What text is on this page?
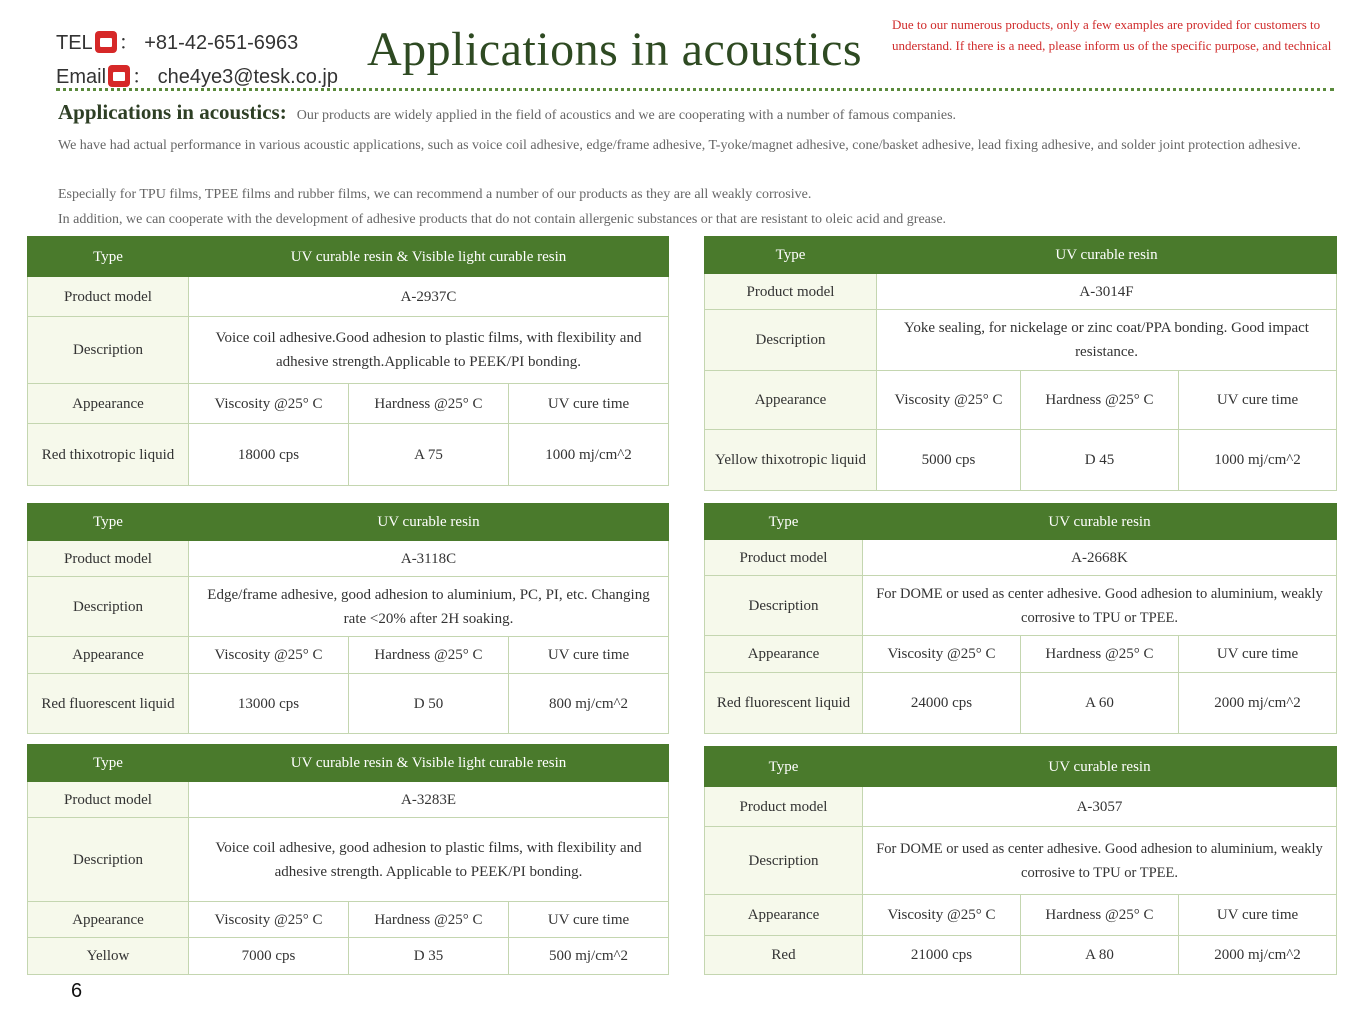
TEL ： +81-42-651-6963
Email ： che4ye3@tesk.co.jp
Applications in acoustics Due to our numerous products, only a few examples are provided for customers to understand. If there is a need, please inform us of the specific purpose, and technical
Applications in acoustics: Our products are widely applied in the field of acoustics and we are cooperating with a number of famous companies.
We have had actual performance in various acoustic applications, such as voice coil adhesive, edge/frame adhesive, T-yoke/magnet adhesive, cone/basket adhesive, lead fixing adhesive, and solder joint protection adhesive.
Especially for TPU films, TPEE films and rubber films, we can recommend a number of our products as they are all weakly corrosive.
In addition, we can cooperate with the development of adhesive products that do not contain allergenic substances or that are resistant to oleic acid and grease.
Type	UV curable resin & Visible light curable resin		
Product model	A-2937C		
Description	Voice coil adhesive.Good adhesion to plastic films, with flexibility and adhesive strength.Applicable to PEEK/PI bonding.		
Appearance	Viscosity @25° C	Hardness @25° C	UV cure time
Red thixotropic liquid	18000 cps	A 75	1000 mj/cm^2
Type	UV curable resin		
Product model	A-3014F		
Description	Yoke sealing, for nickelage or zinc coat/PPA bonding. Good impact resistance.		
Appearance	Viscosity @25° C	Hardness @25° C	UV cure time
Yellow thixotropic liquid	5000 cps	D 45	1000 mj/cm^2
Type	UV curable resin		
Product model	A-3118C		
Description	Edge/frame adhesive, good adhesion to aluminium, PC, PI, etc. Changing rate <20% after 2H soaking.		
Appearance	Viscosity @25° C	Hardness @25° C	UV cure time
Red fluorescent liquid	13000 cps	D 50	800 mj/cm^2
Type	UV curable resin		
Product model	A-2668K		
Description	For DOME or used as center adhesive. Good adhesion to aluminium, weakly corrosive to TPU or TPEE.		
Appearance	Viscosity @25° C	Hardness @25° C	UV cure time
Red fluorescent liquid	24000 cps	A 60	2000 mj/cm^2
Type	UV curable resin & Visible light curable resin		
Product model	A-3283E		
Description	Voice coil adhesive, good adhesion to plastic films, with flexibility and adhesive strength. Applicable to PEEK/PI bonding.		
Appearance	Viscosity @25° C	Hardness @25° C	UV cure time
Yellow	7000 cps	D 35	500 mj/cm^2
Type	UV curable resin		
Product model	A-3057		
Description	For DOME or used as center adhesive. Good adhesion to aluminium, weakly corrosive to TPU or TPEE.		
Appearance	Viscosity @25° C	Hardness @25° C	UV cure time
Red	21000 cps	A 80	2000 mj/cm^2
6
